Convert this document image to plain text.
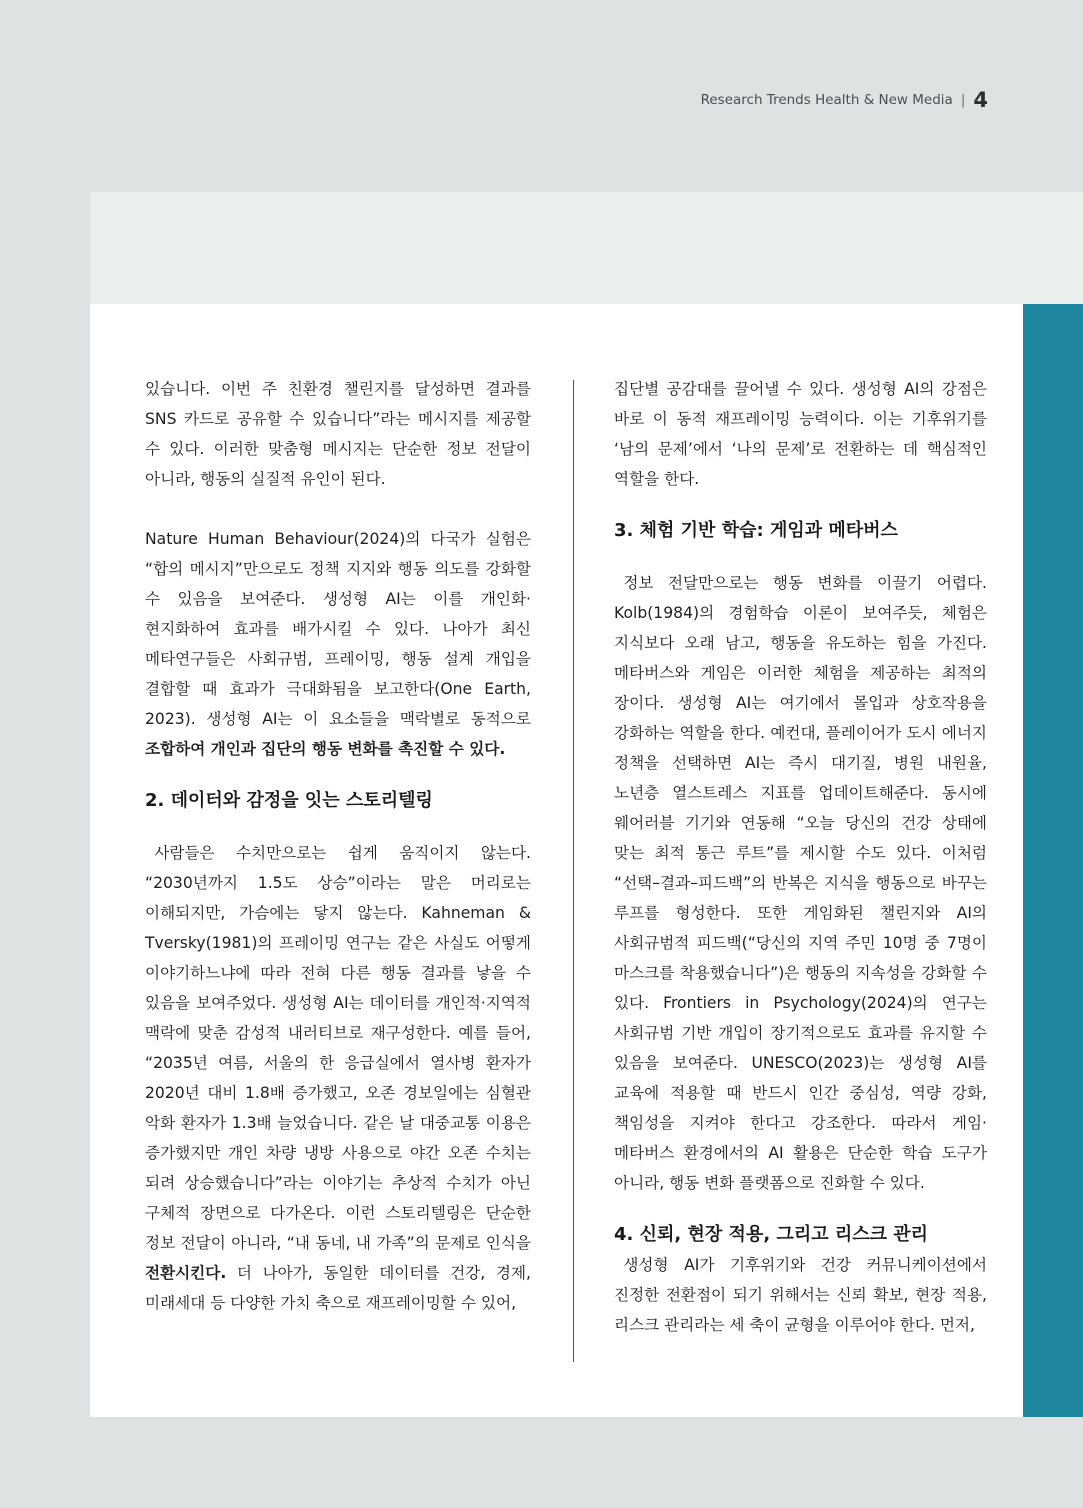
Research Trends Health & New Media | 4

있습니다. 이번 주 친환경 챌린지를 달성하면 결과를 SNS 카드로 공유할 수 있습니다”라는 메시지를 제공할 수 있다. 이러한 맞춤형 메시지는 단순한 정보 전달이 아니라, 행동의 실질적 유인이 된다.

Nature Human Behaviour(2024)의 다국가 실험은 “합의 메시지”만으로도 정책 지지와 행동 의도를 강화할 수 있음을 보여준다. 생성형 AI는 이를 개인화·현지화하여 효과를 배가시킬 수 있다. 나아가 최신 메타연구들은 사회규범, 프레이밍, 행동 설계 개입을 결합할 때 효과가 극대화됨을 보고한다(One Earth, 2023). 생성형 AI는 이 요소들을 맥락별로 동적으로 조합하여 개인과 집단의 행동 변화를 촉진할 수 있다.

2. 데이터와 감정을 잇는 스토리텔링

사람들은 수치만으로는 쉽게 움직이지 않는다. “2030년까지 1.5도 상승”이라는 말은 머리로는 이해되지만, 가슴에는 닿지 않는다. Kahneman & Tversky(1981)의 프레이밍 연구는 같은 사실도 어떻게 이야기하느냐에 따라 전혀 다른 행동 결과를 낳을 수 있음을 보여주었다. 생성형 AI는 데이터를 개인적·지역적 맥락에 맞춘 감성적 내러티브로 재구성한다. 예를 들어, “2035년 여름, 서울의 한 응급실에서 열사병 환자가 2020년 대비 1.8배 증가했고, 오존 경보일에는 심혈관 악화 환자가 1.3배 늘었습니다. 같은 날 대중교통 이용은 증가했지만 개인 차량 냉방 사용으로 야간 오존 수치는 되려 상승했습니다”라는 이야기는 추상적 수치가 아닌 구체적 장면으로 다가온다. 이런 스토리텔링은 단순한 정보 전달이 아니라, “내 동네, 내 가족”의 문제로 인식을 전환시킨다. 더 나아가, 동일한 데이터를 건강, 경제, 미래세대 등 다양한 가치 축으로 재프레이밍할 수 있어,

집단별 공감대를 끌어낼 수 있다. 생성형 AI의 강점은 바로 이 동적 재프레이밍 능력이다. 이는 기후위기를 ‘남의 문제’에서 ‘나의 문제’로 전환하는 데 핵심적인 역할을 한다.

3. 체험 기반 학습: 게임과 메타버스

정보 전달만으로는 행동 변화를 이끌기 어렵다. Kolb(1984)의 경험학습 이론이 보여주듯, 체험은 지식보다 오래 남고, 행동을 유도하는 힘을 가진다. 메타버스와 게임은 이러한 체험을 제공하는 최적의 장이다. 생성형 AI는 여기에서 몰입과 상호작용을 강화하는 역할을 한다. 예컨대, 플레이어가 도시 에너지 정책을 선택하면 AI는 즉시 대기질, 병원 내원율, 노년층 열스트레스 지표를 업데이트해준다. 동시에 웨어러블 기기와 연동해 “오늘 당신의 건강 상태에 맞는 최적 통근 루트”를 제시할 수도 있다. 이처럼 “선택–결과–피드백”의 반복은 지식을 행동으로 바꾸는 루프를 형성한다. 또한 게임화된 챌린지와 AI의 사회규범적 피드백(“당신의 지역 주민 10명 중 7명이 마스크를 착용했습니다”)은 행동의 지속성을 강화할 수 있다. Frontiers in Psychology(2024)의 연구는 사회규범 기반 개입이 장기적으로도 효과를 유지할 수 있음을 보여준다. UNESCO(2023)는 생성형 AI를 교육에 적용할 때 반드시 인간 중심성, 역량 강화, 책임성을 지켜야 한다고 강조한다. 따라서 게임·메타버스 환경에서의 AI 활용은 단순한 학습 도구가 아니라, 행동 변화 플랫폼으로 진화할 수 있다.

4. 신뢰, 현장 적용, 그리고 리스크 관리

생성형 AI가 기후위기와 건강 커뮤니케이션에서 진정한 전환점이 되기 위해서는 신뢰 확보, 현장 적용, 리스크 관리라는 세 축이 균형을 이루어야 한다. 먼저,
